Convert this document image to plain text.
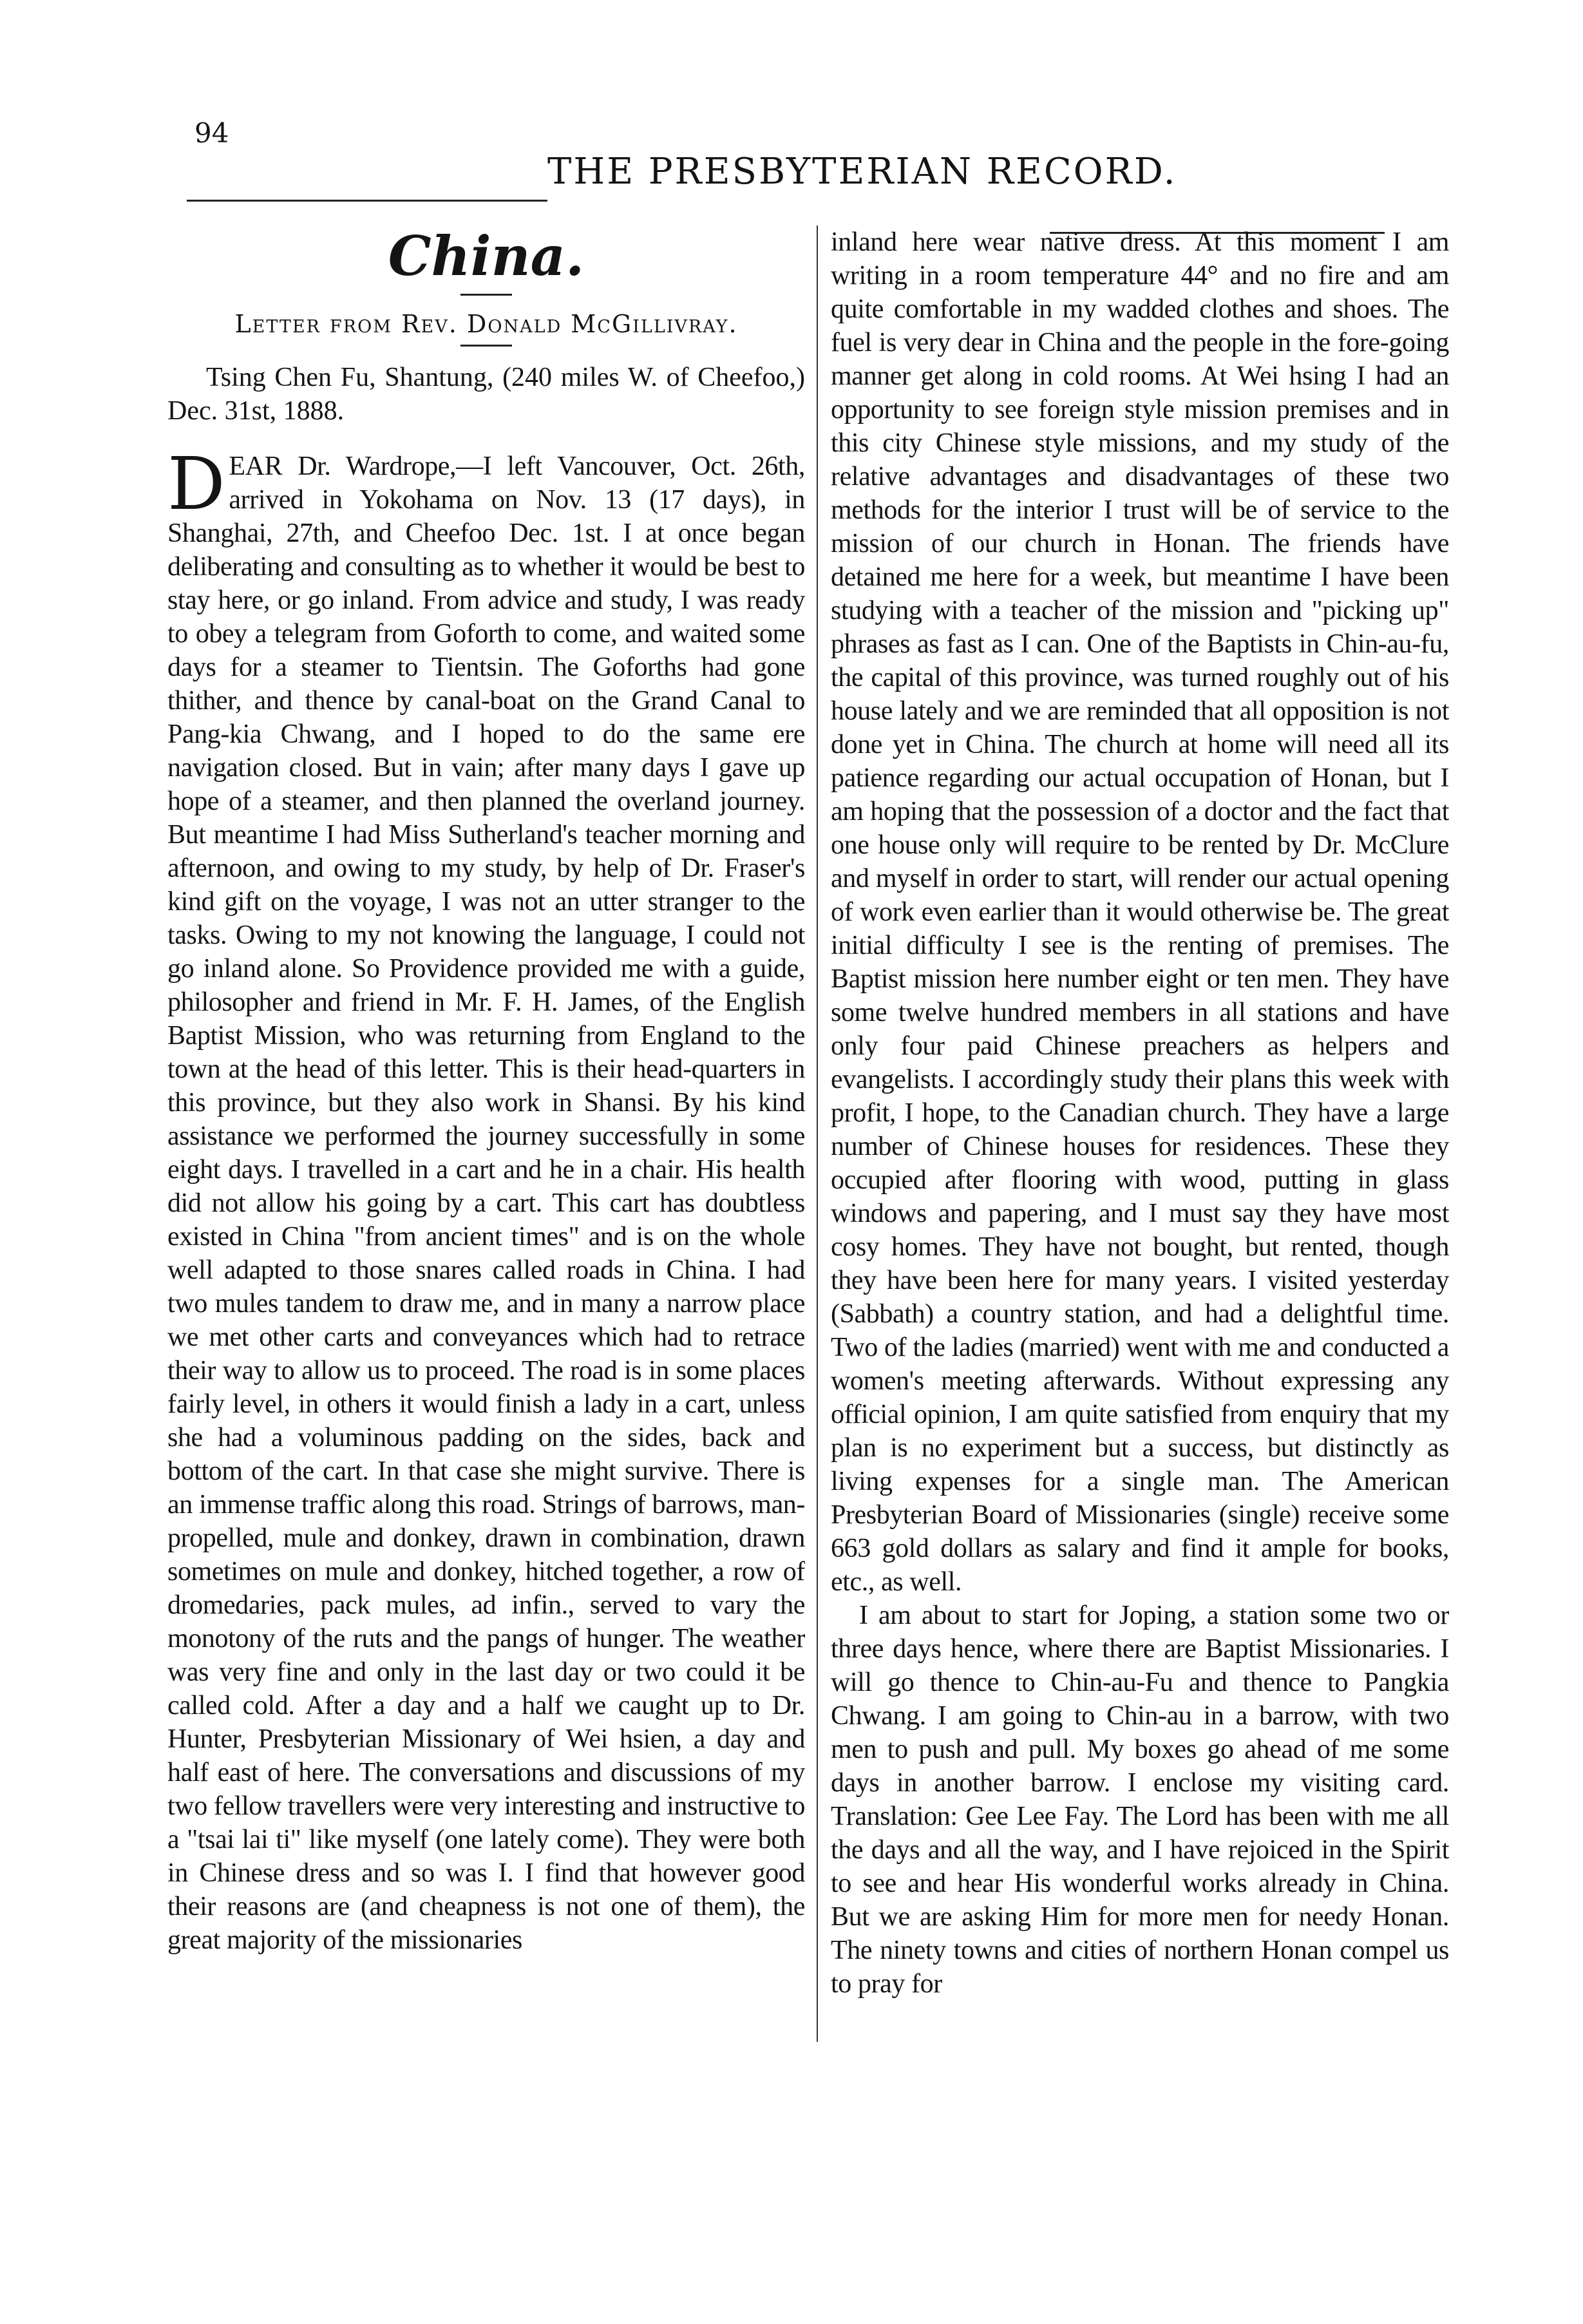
94
THE PRESBYTERIAN RECORD.
China.

Letter from Rev. Donald McGillivray.

Tsing Chen Fu, Shantung, (240 miles W. of Cheefoo,) Dec. 31st, 1888.

DEAR Dr. Wardrope,—I left Vancouver, Oct. 26th, arrived in Yokohama on Nov. 13 (17 days), in Shanghai, 27th, and Cheefoo Dec. 1st. I at once began deliberating and consulting as to whether it would be best to stay here, or go inland. From advice and study, I was ready to obey a telegram from Goforth to come, and waited some days for a steamer to Tientsin. The Goforths had gone thither, and thence by canal-boat on the Grand Canal to Pang-kia Chwang, and I hoped to do the same ere navigation closed. But in vain; after many days I gave up hope of a steamer, and then planned the overland journey. But meantime I had Miss Sutherland's teacher morning and afternoon, and owing to my study, by help of Dr. Fraser's kind gift on the voyage, I was not an utter stranger to the tasks. Owing to my not knowing the language, I could not go inland alone. So Providence provided me with a guide, philosopher and friend in Mr. F. H. James, of the English Baptist Mission, who was returning from England to the town at the head of this letter. This is their head-quarters in this province, but they also work in Shansi. By his kind assistance we performed the journey successfully in some eight days. I travelled in a cart and he in a chair. His health did not allow his going by a cart. This cart has doubtless existed in China "from ancient times" and is on the whole well adapted to those snares called roads in China. I had two mules tandem to draw me, and in many a narrow place we met other carts and conveyances which had to retrace their way to allow us to proceed. The road is in some places fairly level, in others it would finish a lady in a cart, unless she had a voluminous padding on the sides, back and bottom of the cart. In that case she might survive. There is an immense traffic along this road. Strings of barrows, man-propelled, mule and donkey, drawn in combination, drawn sometimes on mule and donkey, hitched together, a row of dromedaries, pack mules, ad infin., served to vary the monotony of the ruts and the pangs of hunger. The weather was very fine and only in the last day or two could it be called cold. After a day and a half we caught up to Dr. Hunter, Presbyterian Missionary of Wei hsien, a day and half east of here. The conversations and discussions of my two fellow travellers were very interesting and instructive to a "tsai lai ti" like myself (one lately come). They were both in Chinese dress and so was I. I find that however good their reasons are (and cheapness is not one of them), the great majority of the missionaries

inland here wear native dress. At this moment I am writing in a room temperature 44° and no fire and am quite comfortable in my wadded clothes and shoes. The fuel is very dear in China and the people in the fore-going manner get along in cold rooms. At Wei hsing I had an opportunity to see foreign style mission premises and in this city Chinese style missions, and my study of the relative advantages and disadvantages of these two methods for the interior I trust will be of service to the mission of our church in Honan. The friends have detained me here for a week, but meantime I have been studying with a teacher of the mission and "picking up" phrases as fast as I can. One of the Baptists in Chin-au-fu, the capital of this province, was turned roughly out of his house lately and we are reminded that all opposition is not done yet in China. The church at home will need all its patience regarding our actual occupation of Honan, but I am hoping that the possession of a doctor and the fact that one house only will require to be rented by Dr. McClure and myself in order to start, will render our actual opening of work even earlier than it would otherwise be. The great initial difficulty I see is the renting of premises. The Baptist mission here number eight or ten men. They have some twelve hundred members in all stations and have only four paid Chinese preachers as helpers and evangelists. I accordingly study their plans this week with profit, I hope, to the Canadian church. They have a large number of Chinese houses for residences. These they occupied after flooring with wood, putting in glass windows and papering, and I must say they have most cosy homes. They have not bought, but rented, though they have been here for many years. I visited yesterday (Sabbath) a country station, and had a delightful time. Two of the ladies (married) went with me and conducted a women's meeting afterwards. Without expressing any official opinion, I am quite satisfied from enquiry that my plan is no experiment but a success, but distinctly as living expenses for a single man. The American Presbyterian Board of Missionaries (single) receive some 663 gold dollars as salary and find it ample for books, etc., as well.

I am about to start for Joping, a station some two or three days hence, where there are Baptist Missionaries. I will go thence to Chin-au-Fu and thence to Pangkia Chwang. I am going to Chin-au in a barrow, with two men to push and pull. My boxes go ahead of me some days in another barrow. I enclose my visiting card. Translation: Gee Lee Fay. The Lord has been with me all the days and all the way, and I have rejoiced in the Spirit to see and hear His wonderful works already in China. But we are asking Him for more men for needy Honan. The ninety towns and cities of northern Honan compel us to pray for
